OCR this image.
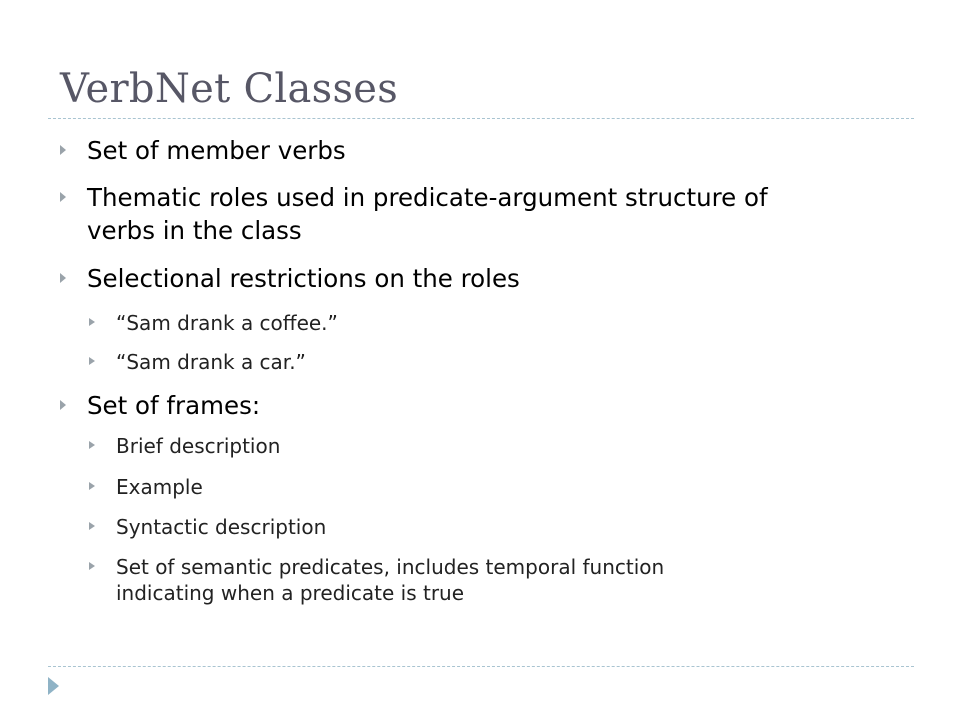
VerbNet Classes
Set of member verbs
Thematic roles used in predicate-argument structure of
verbs in the class
Selectional restrictions on the roles
“Sam drank a coffee.”
“Sam drank a car.”
Set of frames:
Brief description
Example
Syntactic description
Set of semantic predicates, includes temporal function
indicating when a predicate is true
